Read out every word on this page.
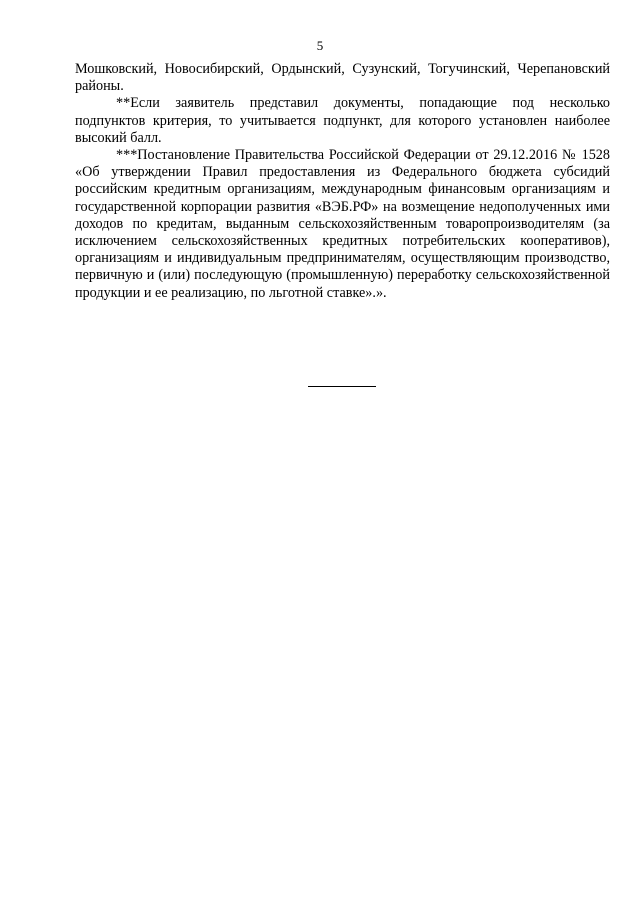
5

Мошковский, Новосибирский, Ордынский, Сузунский, Тогучинский, Черепановский районы.

**Если заявитель представил документы, попадающие под несколько подпунктов критерия, то учитывается подпункт, для которого установлен наиболее высокий балл.

***Постановление Правительства Российской Федерации от 29.12.2016 № 1528 «Об утверждении Правил предоставления из Федерального бюджета субсидий российским кредитным организациям, международным финансовым организациям и государственной корпорации развития «ВЭБ.РФ» на возмещение недополученных ими доходов по кредитам, выданным сельскохозяйственным товаропроизводителям (за исключением сельскохозяйственных кредитных потребительских кооперативов), организациям и индивидуальным предпринимателям, осуществляющим производство, первичную и (или) последующую (промышленную) переработку сельскохозяйственной продукции и ее реализацию, по льготной ставке».».
